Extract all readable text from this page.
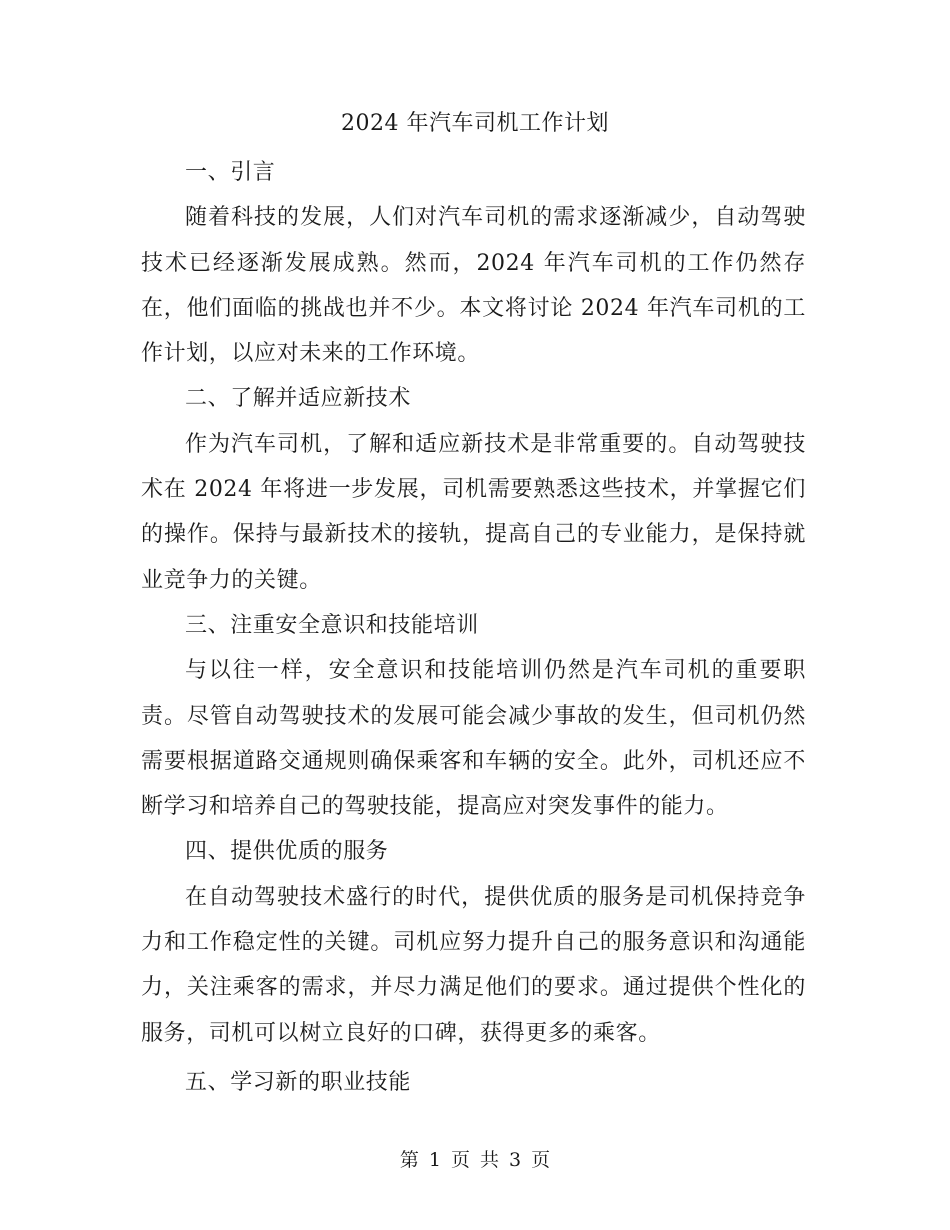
2024 年汽车司机工作计划

一、引言

随着科技的发展，人们对汽车司机的需求逐渐减少，自动驾驶技术已经逐渐发展成熟。然而，2024 年汽车司机的工作仍然存在，他们面临的挑战也并不少。本文将讨论 2024 年汽车司机的工作计划，以应对未来的工作环境。

二、了解并适应新技术

作为汽车司机，了解和适应新技术是非常重要的。自动驾驶技术在 2024 年将进一步发展，司机需要熟悉这些技术，并掌握它们的操作。保持与最新技术的接轨，提高自己的专业能力，是保持就业竞争力的关键。

三、注重安全意识和技能培训

与以往一样，安全意识和技能培训仍然是汽车司机的重要职责。尽管自动驾驶技术的发展可能会减少事故的发生，但司机仍然需要根据道路交通规则确保乘客和车辆的安全。此外，司机还应不断学习和培养自己的驾驶技能，提高应对突发事件的能力。

四、提供优质的服务

在自动驾驶技术盛行的时代，提供优质的服务是司机保持竞争力和工作稳定性的关键。司机应努力提升自己的服务意识和沟通能力，关注乘客的需求，并尽力满足他们的要求。通过提供个性化的服务，司机可以树立良好的口碑，获得更多的乘客。

五、学习新的职业技能

第 1 页 共 3 页
